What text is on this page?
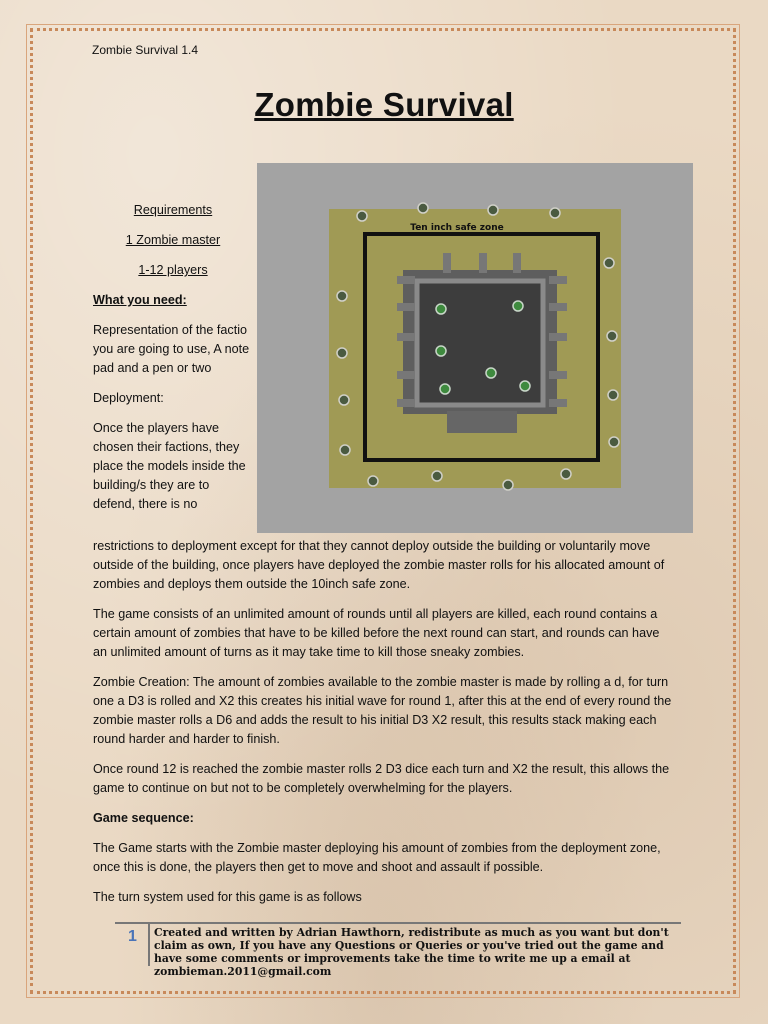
Zombie Survival 1.4
Zombie Survival
Ten inch safe zone

Requirements

1 Zombie master

1-12 players

What you need:

Representation of the factio you are going to use, A note pad and a pen or two

Deployment:

Once the players have chosen their factions, they place the models inside the building/s they are to defend, there is no

restrictions to deployment except for that they cannot deploy outside the building or voluntarily move outside of the building, once players have deployed the zombie master rolls for his allocated amount of zombies and deploys them outside the 10inch safe zone.

The game consists of an unlimited amount of rounds until all players are killed, each round contains a certain amount of zombies that have to be killed before the next round can start, and rounds can have an unlimited amount of turns as it may take time to kill those sneaky zombies.

Zombie Creation: The amount of zombies available to the zombie master is made by rolling a d, for turn one a D3 is rolled and X2 this creates his initial wave for round 1, after this at the end of every round the zombie master rolls a D6 and adds the result to his initial D3 X2 result, this results stack making each round harder and harder to finish.

Once round 12 is reached the zombie master rolls 2 D3 dice each turn and X2 the result, this allows the game to continue on but not to be completely overwhelming for the players.

Game sequence:

The Game starts with the Zombie master deploying his amount of zombies from the deployment zone, once this is done, the players then get to move and shoot and assault if possible.

The turn system used for this game is as follows

1 Created and written by Adrian Hawthorn, redistribute as much as you want but don't claim as own, If you have any Questions or Queries or you've tried out the game and have some comments or improvements take the time to write me up a email at zombieman.2011@gmail.com
